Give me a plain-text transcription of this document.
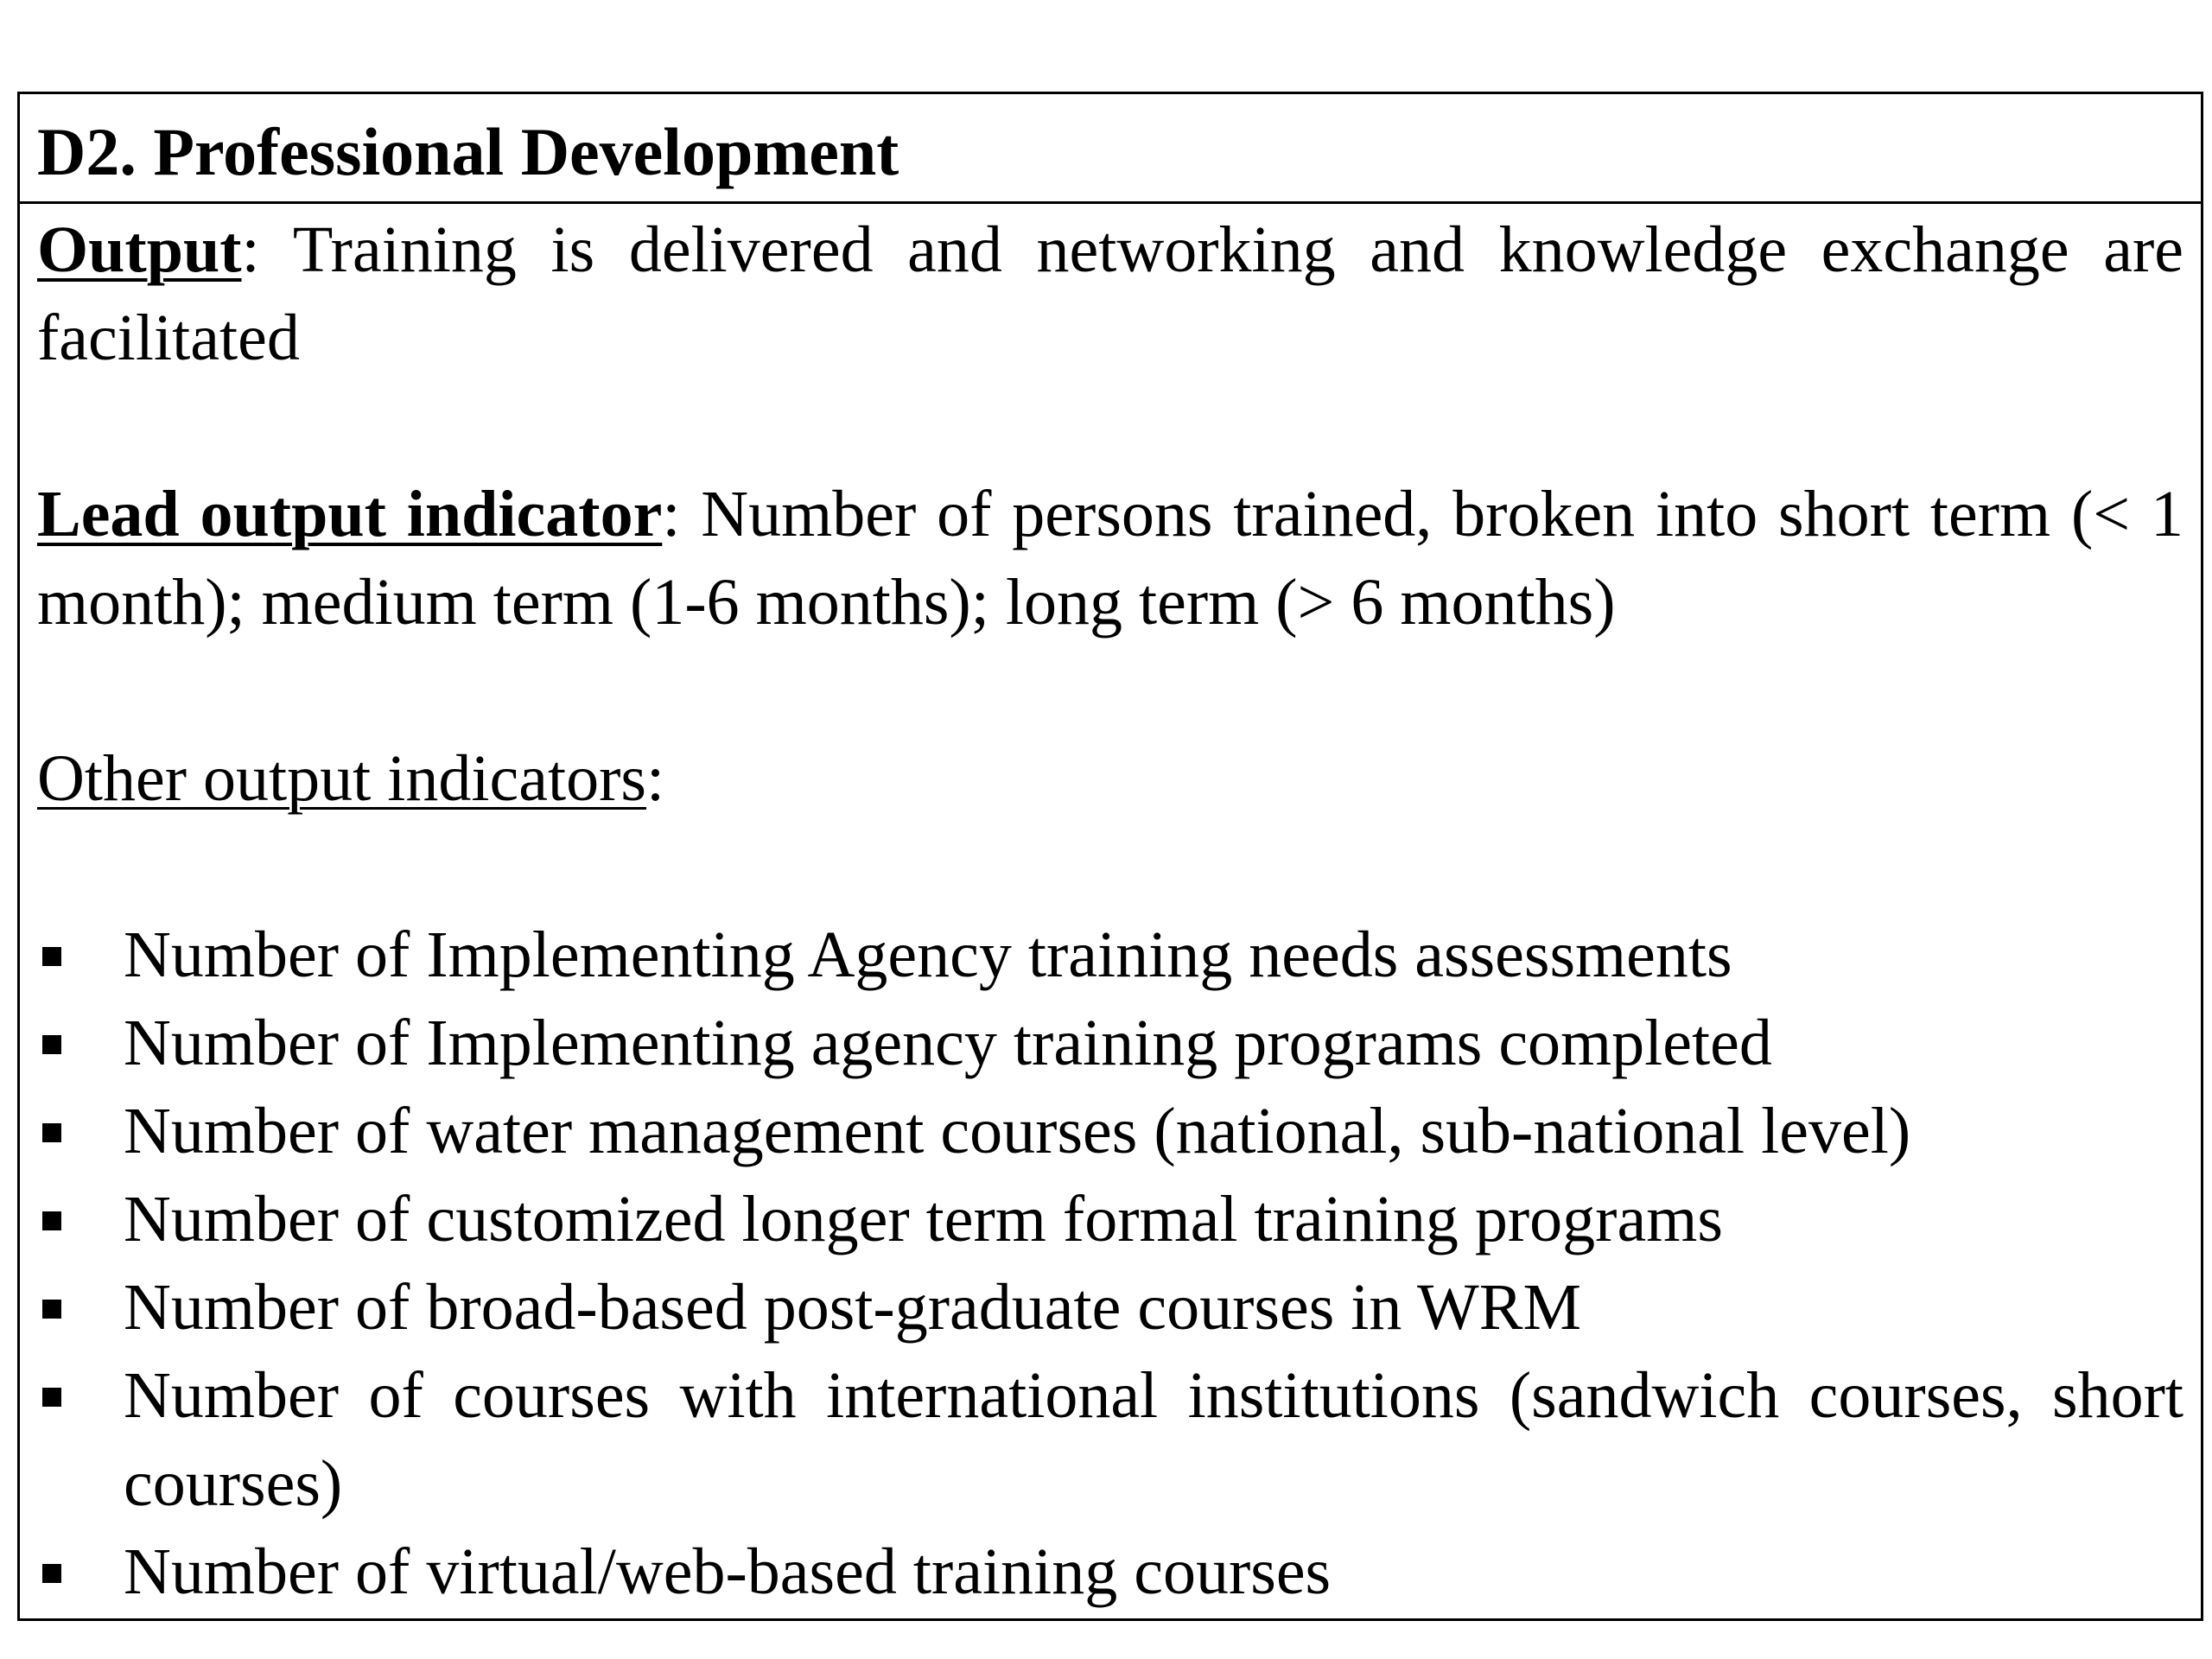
D2. Professional Development

Output: Training is delivered and networking and knowledge exchange are facilitated

Lead output indicator: Number of persons trained, broken into short term (< 1 month); medium term (1-6 months); long term (> 6 months)

Other output indicators:

Number of Implementing Agency training needs assessments
Number of Implementing agency training programs completed
Number of water management courses (national, sub-national level)
Number of customized longer term formal training programs
Number of broad-based post-graduate courses in WRM
Number of courses with international institutions (sandwich courses, short courses)
Number of virtual/web-based training courses
